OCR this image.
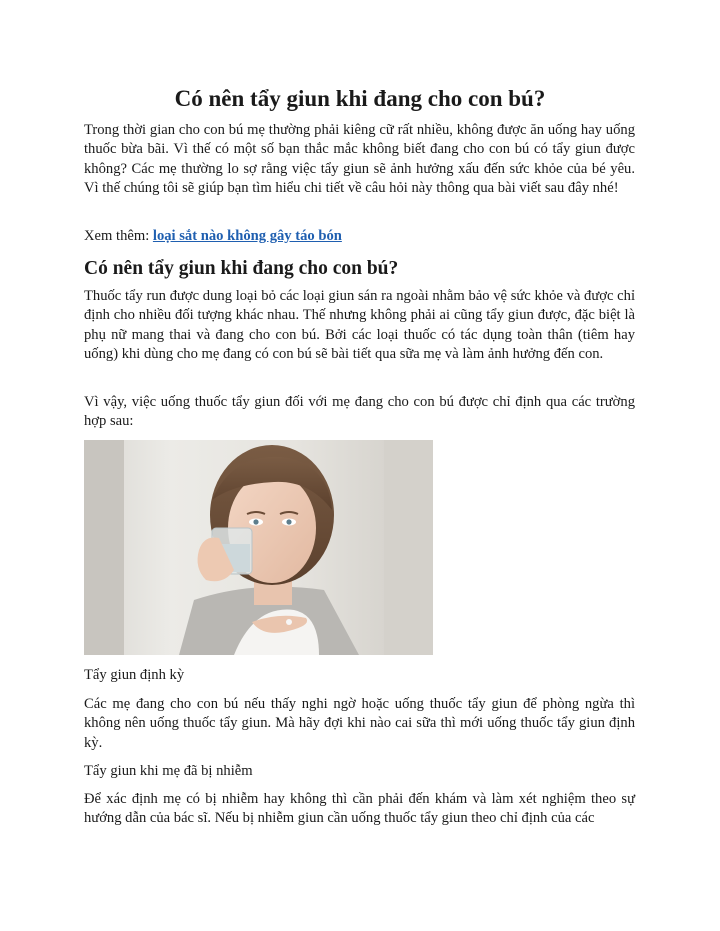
Có nên tẩy giun khi đang cho con bú?
Trong thời gian cho con bú mẹ thường phải kiêng cữ rất nhiều, không được ăn uống hay uống thuốc bừa bãi. Vì thế có một số bạn thắc mắc không biết đang cho con bú có tẩy giun được không? Các mẹ thường lo sợ rằng việc tẩy giun sẽ ảnh hưởng xấu đến sức khỏe của bé yêu. Vì thế chúng tôi sẽ giúp bạn tìm hiểu chi tiết về câu hỏi này thông qua bài viết sau đây nhé!
Xem thêm: loại sắt nào không gây táo bón
Có nên tẩy giun khi đang cho con bú?
Thuốc tẩy run được dung loại bỏ các loại giun sán ra ngoài nhằm bảo vệ sức khỏe và được chỉ định cho nhiều đối tượng khác nhau. Thế nhưng không phải ai cũng tẩy giun được, đặc biệt là phụ nữ mang thai và đang cho con bú. Bởi các loại thuốc có tác dụng toàn thân (tiêm hay uống) khi dùng cho mẹ đang có con bú sẽ bài tiết qua sữa mẹ và làm ảnh hưởng đến con.
Vì vậy, việc uống thuốc tẩy giun đối với mẹ đang cho con bú được chỉ định qua các trường hợp sau:
Tẩy giun định kỳ
Các mẹ đang cho con bú nếu thấy nghi ngờ hoặc uống thuốc tẩy giun để phòng ngừa thì không nên uống thuốc tẩy giun. Mà hãy đợi khi nào cai sữa thì mới uống thuốc tẩy giun định kỳ.
Tẩy giun khi mẹ đã bị nhiễm
Để xác định mẹ có bị nhiễm hay không thì cần phải đến khám và làm xét nghiệm theo sự hướng dẫn của bác sĩ. Nếu bị nhiễm giun cần uống thuốc tẩy giun theo chỉ định của các
